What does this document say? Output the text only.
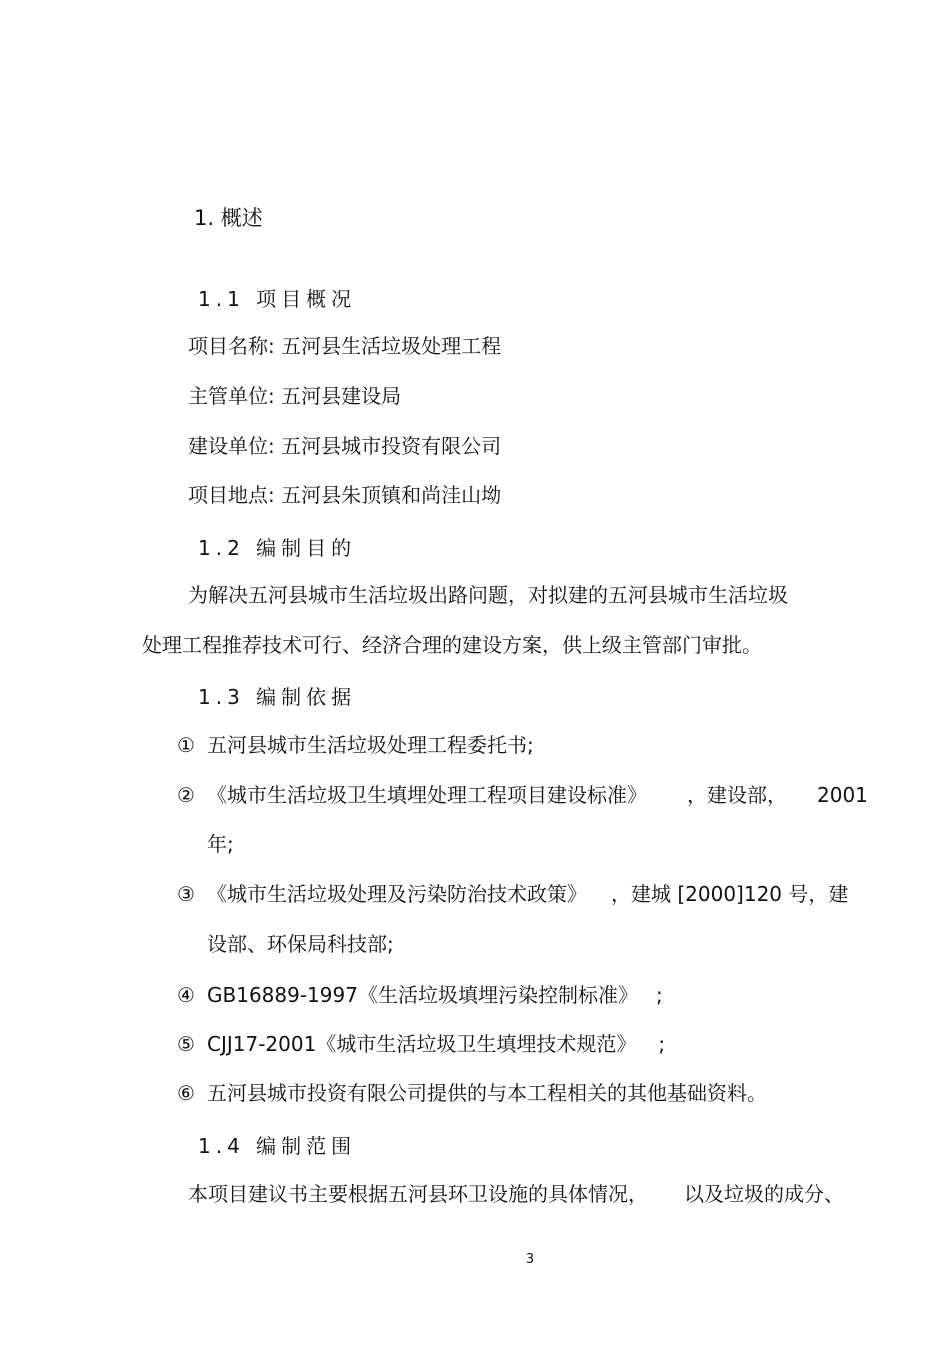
1. 概述
1.1 项目概况

项目名称: 五河县生活垃圾处理工程

主管单位: 五河县建设局

建设单位: 五河县城市投资有限公司

项目地点: 五河县朱顶镇和尚洼山坳

1.2 编制目的

为解决五河县城市生活垃圾出路问题，对拟建的五河县城市生活垃圾

处理工程推荐技术可行、经济合理的建设方案，供上级主管部门审批。

1.3 编制依据

① 五河县城市生活垃圾处理工程委托书;

② 《城市生活垃圾卫生填埋处理工程项目建设标准》 ，建设部， 2001

年;

③ 《城市生活垃圾处理及污染防治技术政策》 ，建城 [2000]120 号，建

设部、环保局科技部;

④ GB16889-1997《生活垃圾填埋污染控制标准》 ;

⑤ CJJ17-2001《城市生活垃圾卫生填埋技术规范》 ;

⑥ 五河县城市投资有限公司提供的与本工程相关的其他基础资料。

1.4 编制范围

本项目建议书主要根据五河县环卫设施的具体情况， 以及垃圾的成分、

3
